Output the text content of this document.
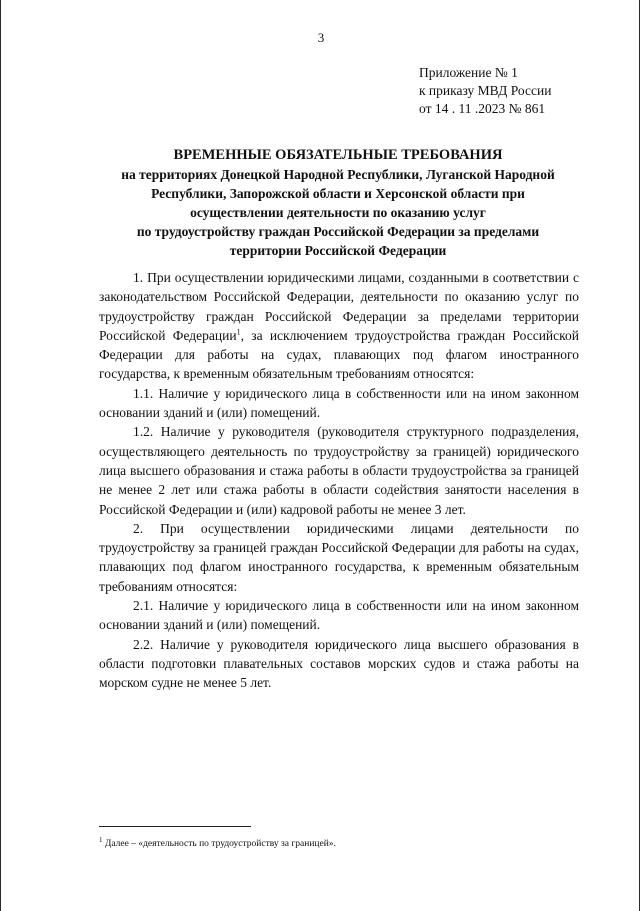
3
Приложение № 1
к приказу МВД России
от 14 . 11 .2023 № 861
ВРЕМЕННЫЕ ОБЯЗАТЕЛЬНЫЕ ТРЕБОВАНИЯ
на территориях Донецкой Народной Республики, Луганской Народной
Республики, Запорожской области и Херсонской области при
осуществлении деятельности по оказанию услуг
по трудоустройству граждан Российской Федерации за пределами
территории Российской Федерации

1. При осуществлении юридическими лицами, созданными в соответствии с законодательством Российской Федерации, деятельности по оказанию услуг по трудоустройству граждан Российской Федерации за пределами территории Российской Федерации$^1$, за исключением трудоустройства граждан Российской Федерации для работы на судах, плавающих под флагом иностранного государства, к временным обязательным требованиям относятся:

1.1. Наличие у юридического лица в собственности или на ином законном основании зданий и (или) помещений.

1.2. Наличие у руководителя (руководителя структурного подразделения, осуществляющего деятельность по трудоустройству за границей) юридического лица высшего образования и стажа работы в области трудоустройства за границей не менее 2 лет или стажа работы в области содействия занятости населения в Российской Федерации и (или) кадровой работы не менее 3 лет.

2. При осуществлении юридическими лицами деятельности по трудоустройству за границей граждан Российской Федерации для работы на судах, плавающих под флагом иностранного государства, к временным обязательным требованиям относятся:

2.1. Наличие у юридического лица в собственности или на ином законном основании зданий и (или) помещений.

2.2. Наличие у руководителя юридического лица высшего образования в области подготовки плавательных составов морских судов и стажа работы на морском судне не менее 5 лет.

$^1$ Далее – «деятельность по трудоустройству за границей».
